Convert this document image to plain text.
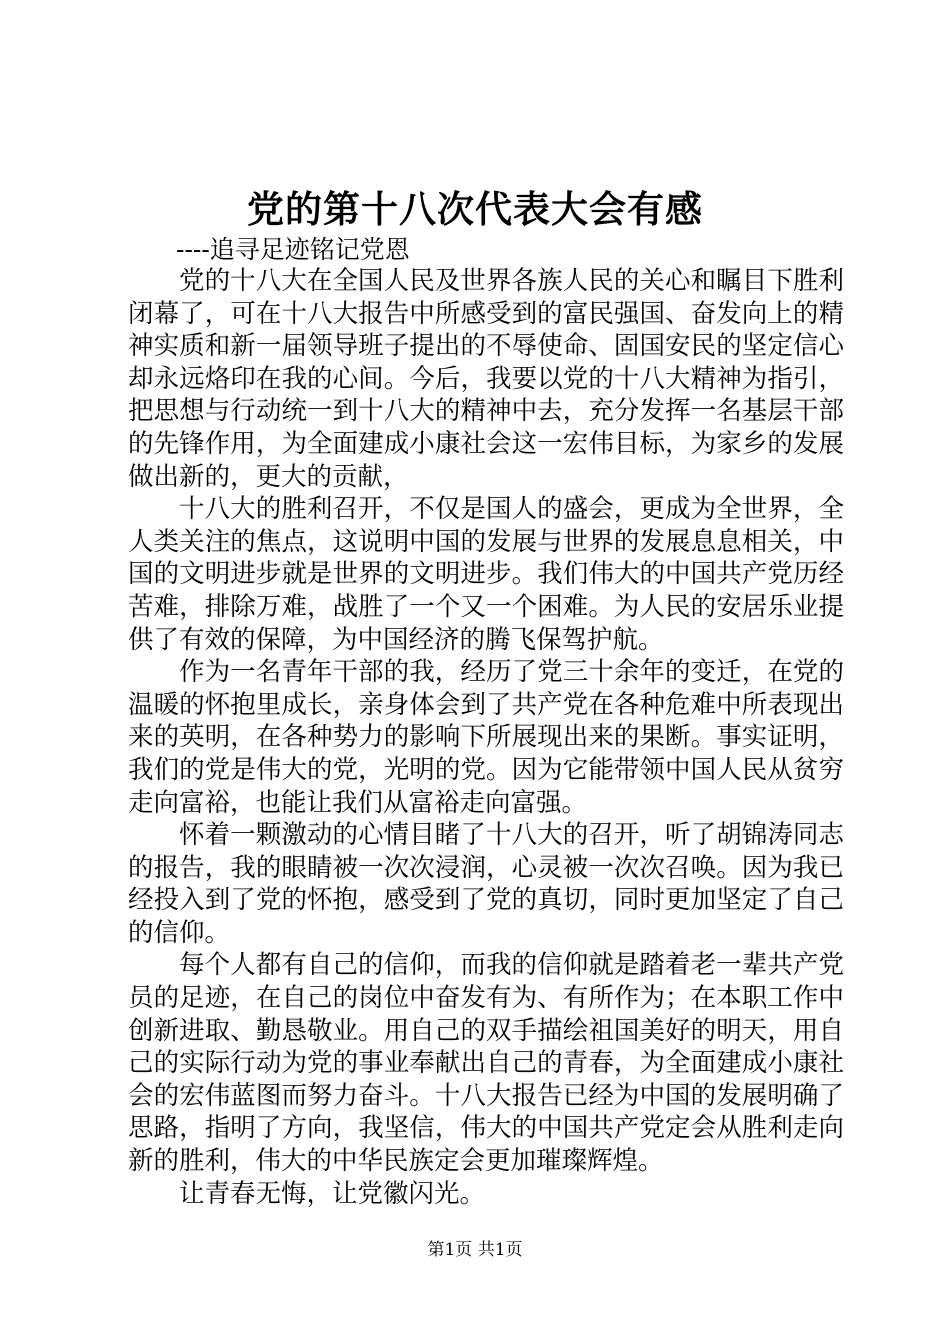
党的第十八次代表大会有感
----追寻足迹铭记党恩

党的十八大在全国人民及世界各族人民的关心和瞩目下胜利闭幕了，可在十八大报告中所感受到的富民强国、奋发向上的精神实质和新一届领导班子提出的不辱使命、固国安民的坚定信心却永远烙印在我的心间。今后，我要以党的十八大精神为指引，把思想与行动统一到十八大的精神中去，充分发挥一名基层干部的先锋作用，为全面建成小康社会这一宏伟目标，为家乡的发展做出新的，更大的贡献，

十八大的胜利召开，不仅是国人的盛会，更成为全世界，全人类关注的焦点，这说明中国的发展与世界的发展息息相关，中国的文明进步就是世界的文明进步。我们伟大的中国共产党历经苦难，排除万难，战胜了一个又一个困难。为人民的安居乐业提供了有效的保障，为中国经济的腾飞保驾护航。

作为一名青年干部的我，经历了党三十余年的变迁，在党的温暖的怀抱里成长，亲身体会到了共产党在各种危难中所表现出来的英明，在各种势力的影响下所展现出来的果断。事实证明，我们的党是伟大的党，光明的党。因为它能带领中国人民从贫穷走向富裕，也能让我们从富裕走向富强。

怀着一颗激动的心情目睹了十八大的召开，听了胡锦涛同志的报告，我的眼睛被一次次浸润，心灵被一次次召唤。因为我已经投入到了党的怀抱，感受到了党的真切，同时更加坚定了自己的信仰。

每个人都有自己的信仰，而我的信仰就是踏着老一辈共产党员的足迹，在自己的岗位中奋发有为、有所作为；在本职工作中创新进取、勤恳敬业。用自己的双手描绘祖国美好的明天，用自己的实际行动为党的事业奉献出自己的青春，为全面建成小康社会的宏伟蓝图而努力奋斗。十八大报告已经为中国的发展明确了思路，指明了方向，我坚信，伟大的中国共产党定会从胜利走向新的胜利，伟大的中华民族定会更加璀璨辉煌。

让青春无悔，让党徽闪光。

第1页 共1页
